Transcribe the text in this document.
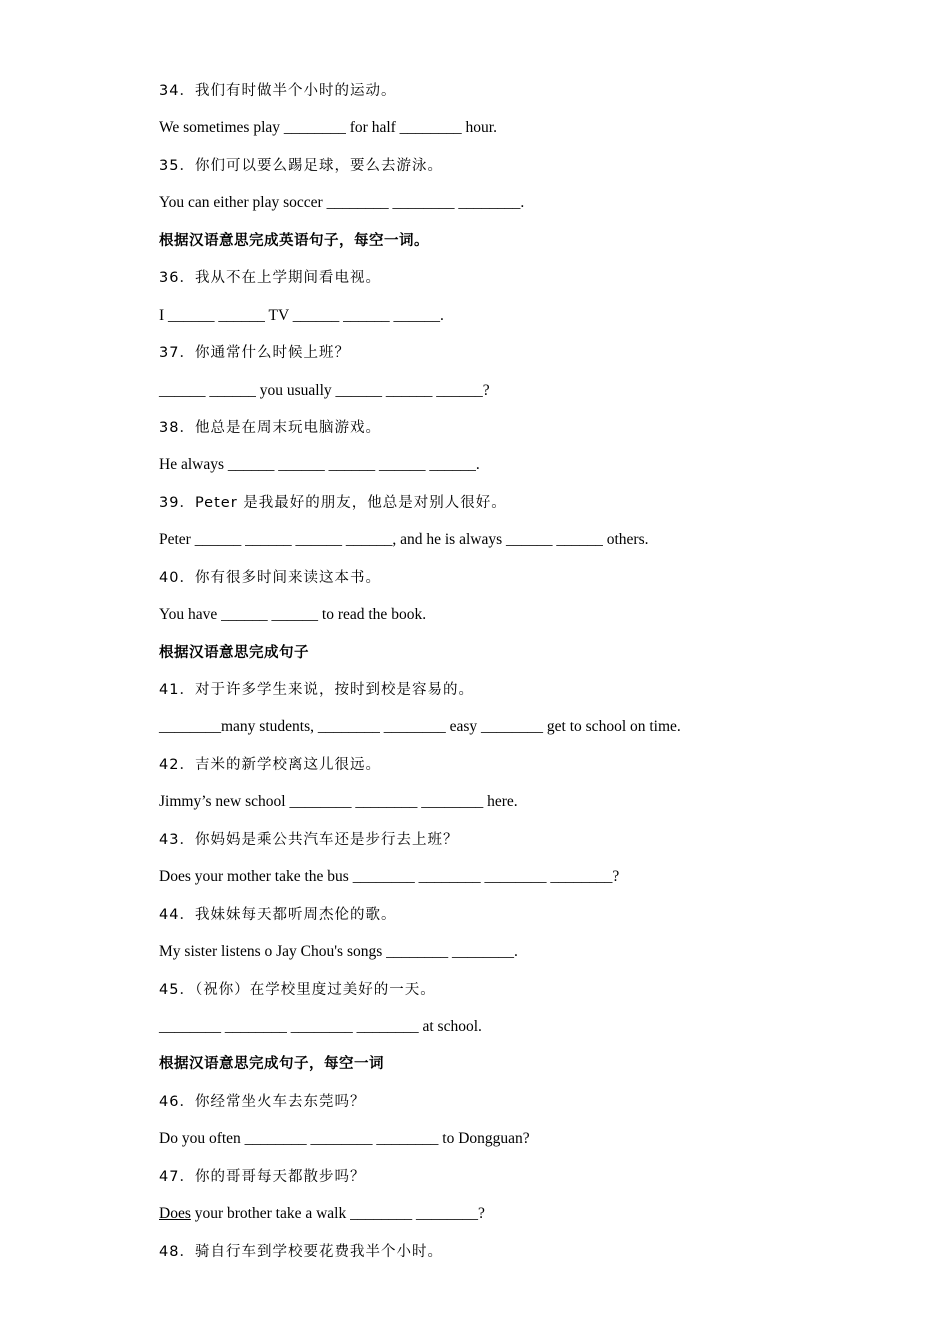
34．我们有时做半个小时的运动。
We sometimes play ________ for half ________ hour.
35．你们可以要么踢足球，要么去游泳。
You can either play soccer ________ ________ ________.
根据汉语意思完成英语句子，每空一词。
36．我从不在上学期间看电视。
I ______ ______ TV ______ ______ ______.
37．你通常什么时候上班？
______ ______ you usually ______ ______ ______?
38．他总是在周末玩电脑游戏。
He always ______ ______ ______ ______ ______.
39．Peter 是我最好的朋友，他总是对别人很好。
Peter ______ ______ ______ ______, and he is always ______ ______ others.
40．你有很多时间来读这本书。
You have ______ ______ to read the book.
根据汉语意思完成句子
41．对于许多学生来说，按时到校是容易的。
________many students, ________ ________ easy ________ get to school on time.
42．吉米的新学校离这儿很远。
Jimmy’s new school ________ ________ ________ here.
43．你妈妈是乘公共汽车还是步行去上班？
Does your mother take the bus ________ ________ ________ ________?
44．我妹妹每天都听周杰伦的歌。
My sister listens o Jay Chou's songs ________ ________.
45．（祝你）在学校里度过美好的一天。
________ ________ ________ ________ at school.
根据汉语意思完成句子，每空一词
46．你经常坐火车去东莞吗？
Do you often ________ ________ ________ to Dongguan?
47．你的哥哥每天都散步吗？
Does your brother take a walk ________ ________?
48．骑自行车到学校要花费我半个小时。
